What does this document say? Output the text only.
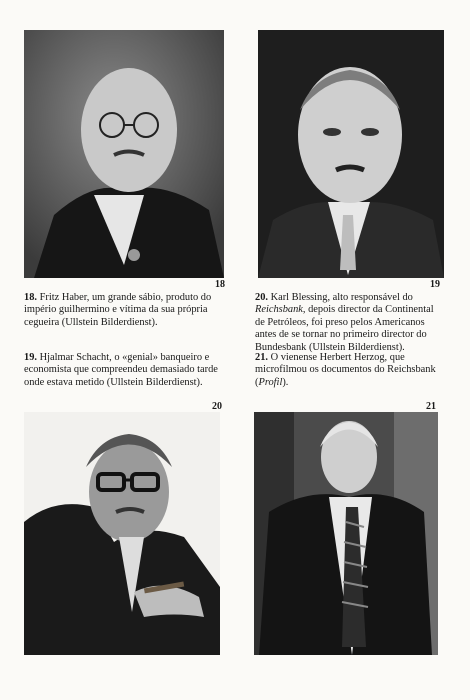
18	19
18. Fritz Haber, um grande sábio, produto do império guilhermino e vítima da sua própria cegueira (Ullstein Bilderdienst).
19. Hjalmar Schacht, o «genial» banqueiro e economista que compreendeu demasiado tarde onde estava metido (Ullstein Bilderdienst).
20. Karl Blessing, alto responsável do Reichsbank, depois director da Continental de Petróleos, foi preso pelos Americanos antes de se tornar no primeiro director do Bundesbank (Ullstein Bilderdienst).
21. O vienense Herbert Herzog, que microfilmou os documentos do Reichsbank (Profil).
20	21
